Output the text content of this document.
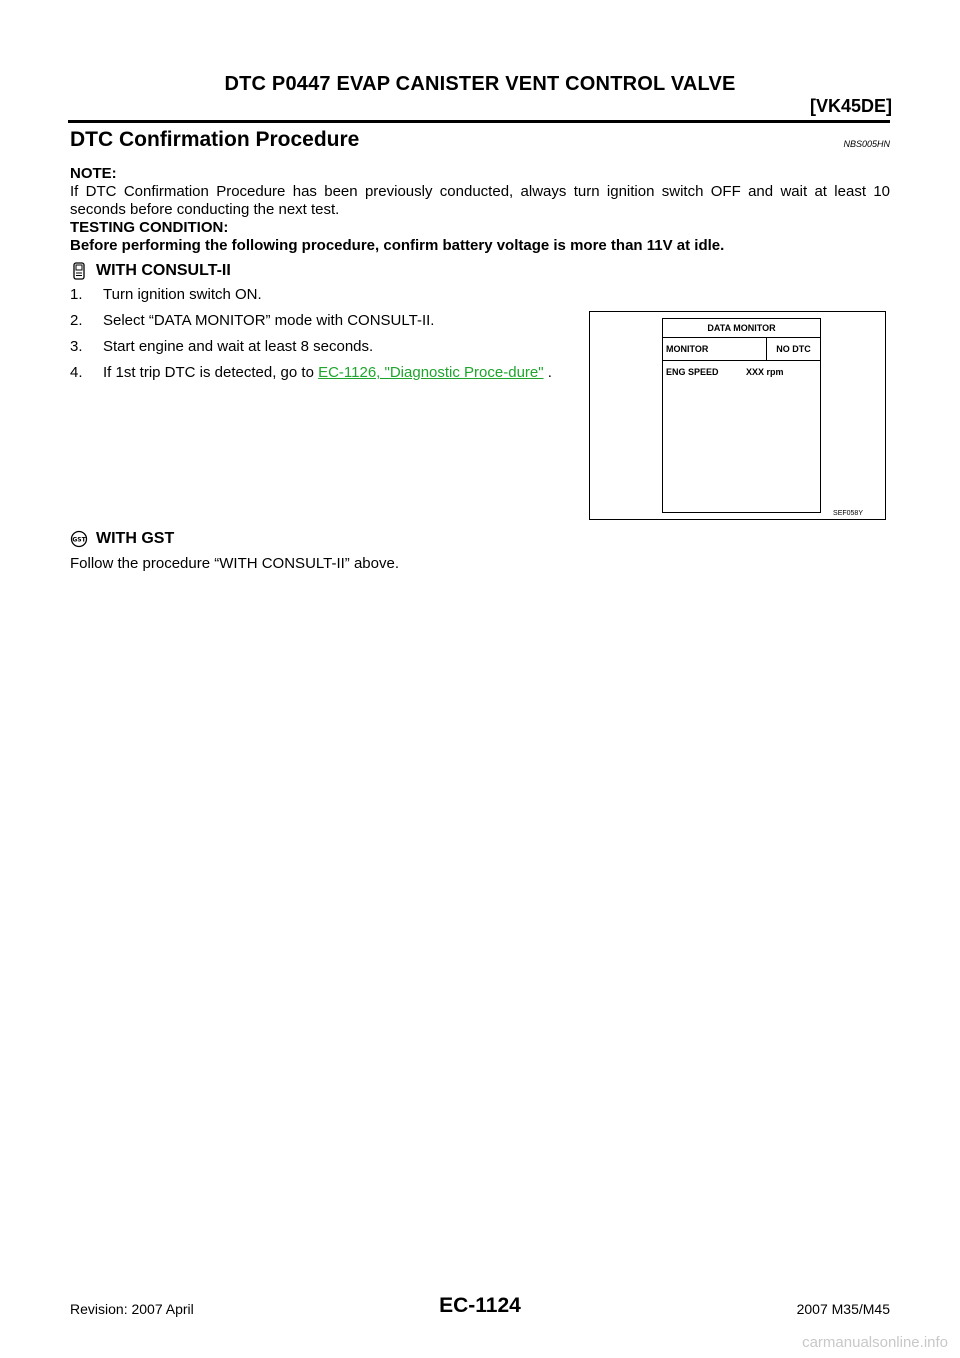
DTC P0447 EVAP CANISTER VENT CONTROL VALVE
[VK45DE]
DTC Confirmation Procedure	NBS005HN
NOTE:
If DTC Confirmation Procedure has been previously conducted, always turn ignition switch OFF and wait at least 10 seconds before conducting the next test.
TESTING CONDITION:
Before performing the following procedure, confirm battery voltage is more than 11V at idle.
WITH CONSULT-II
1. Turn ignition switch ON.
2. Select “DATA MONITOR” mode with CONSULT-II.
3. Start engine and wait at least 8 seconds.
4. If 1st trip DTC is detected, go to EC-1126, "Diagnostic Proce-dure" .
DATA MONITOR
MONITOR	NO DTC
ENG SPEED	XXX rpm
SEF058Y
GST WITH GST
Follow the procedure “WITH CONSULT-II” above.
Revision: 2007 April	EC-1124	2007 M35/M45
carmanualsonline.info
